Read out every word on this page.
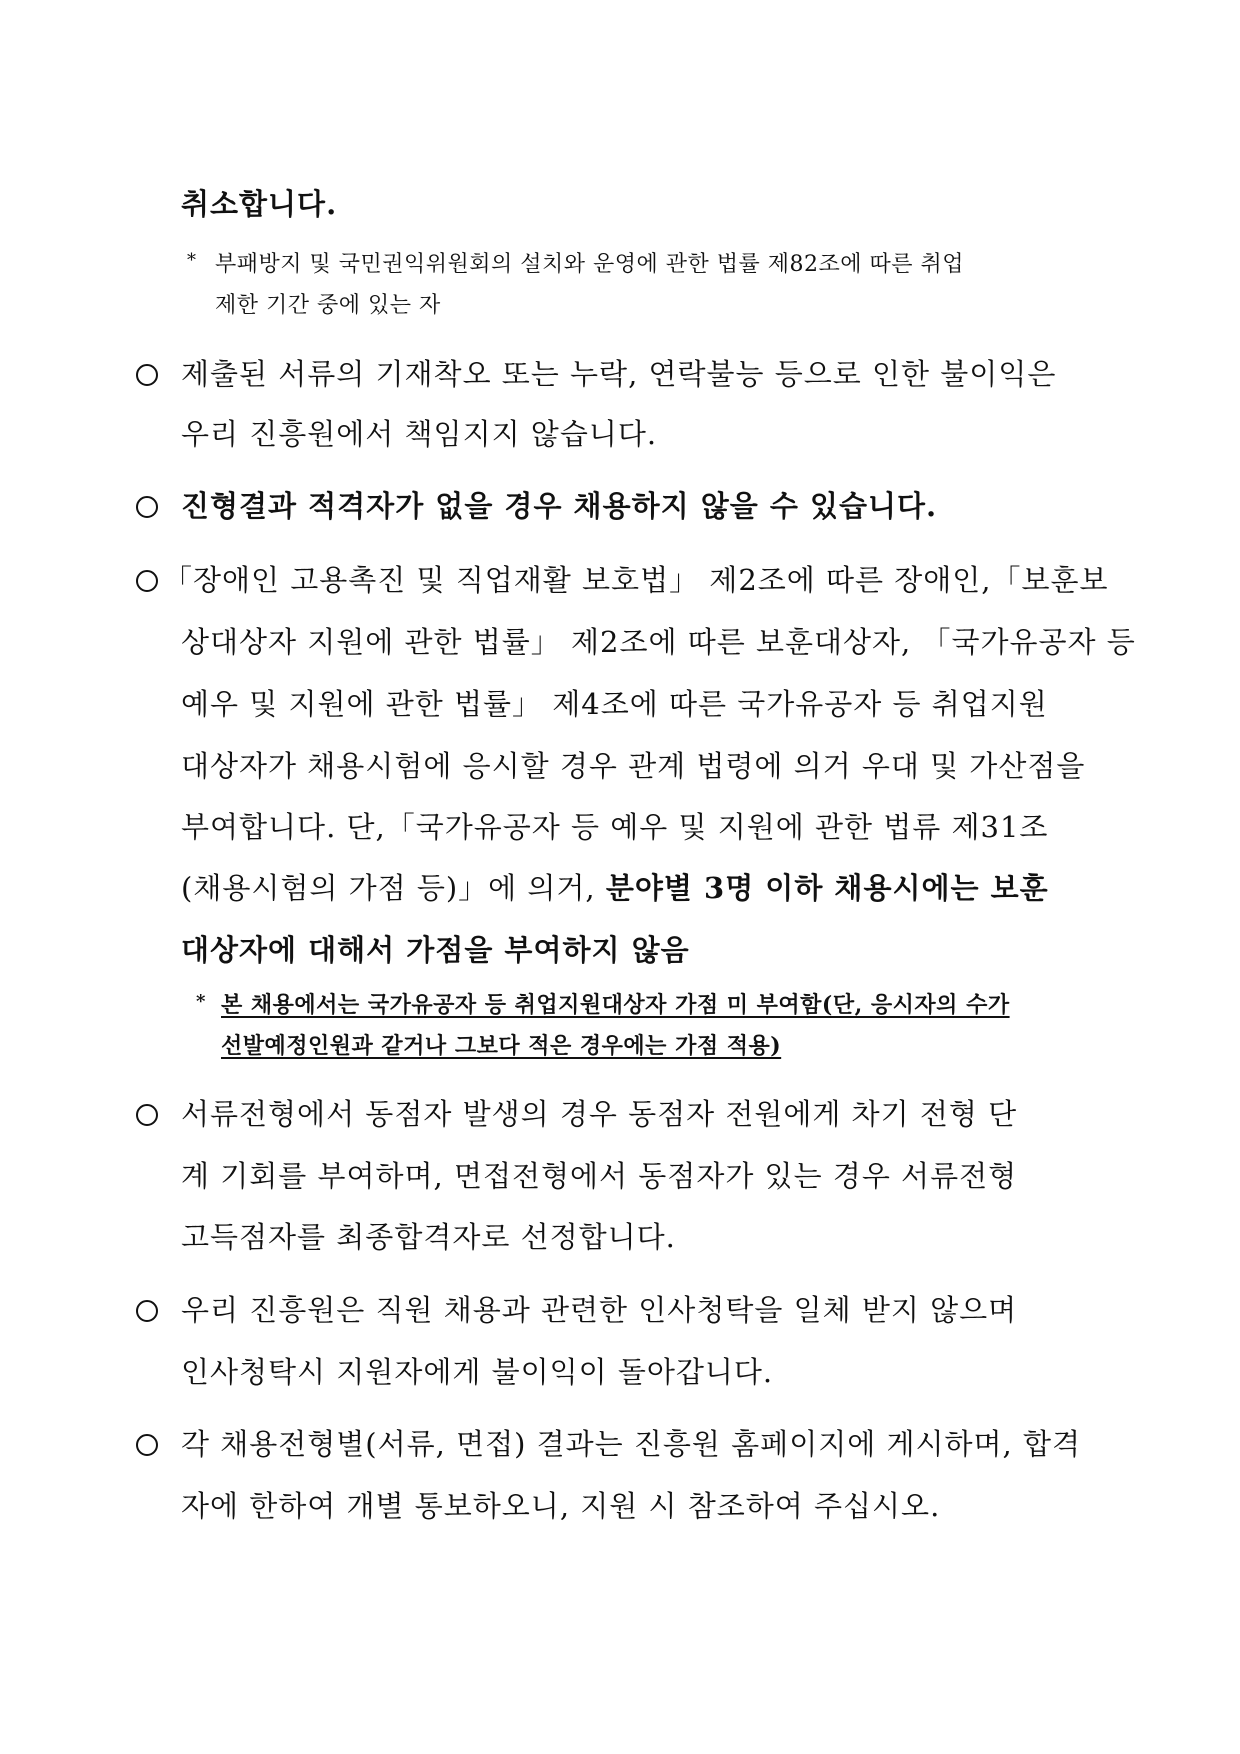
취소합니다.
* 부패방지 및 국민권익위원회의 설치와 운영에 관한 법률 제82조에 따른 취업
제한 기간 중에 있는 자
제출된 서류의 기재착오 또는 누락, 연락불능 등으로 인한 불이익은
우리 진흥원에서 책임지지 않습니다.
진형결과 적격자가 없을 경우 채용하지 않을 수 있습니다.
「장애인 고용촉진 및 직업재활 보호법」 제2조에 따른 장애인,「보훈보
상대상자 지원에 관한 법률」 제2조에 따른 보훈대상자, 「국가유공자 등
예우 및 지원에 관한 법률」 제4조에 따른 국가유공자 등 취업지원
대상자가 채용시험에 응시할 경우 관계 법령에 의거 우대 및 가산점을
부여합니다. 단,「국가유공자 등 예우 및 지원에 관한 법류 제31조
(채용시험의 가점 등)」에 의거, 분야별 3명 이하 채용시에는 보훈
대상자에 대해서 가점을 부여하지 않음
* 본 채용에서는 국가유공자 등 취업지원대상자 가점 미 부여함(단, 응시자의 수가
선발예정인원과 같거나 그보다 적은 경우에는 가점 적용)
서류전형에서 동점자 발생의 경우 동점자 전원에게 차기 전형 단
계 기회를 부여하며, 면접전형에서 동점자가 있는 경우 서류전형
고득점자를 최종합격자로 선정합니다.
우리 진흥원은 직원 채용과 관련한 인사청탁을 일체 받지 않으며
인사청탁시 지원자에게 불이익이 돌아갑니다.
각 채용전형별(서류, 면접) 결과는 진흥원 홈페이지에 게시하며, 합격
자에 한하여 개별 통보하오니, 지원 시 참조하여 주십시오.
